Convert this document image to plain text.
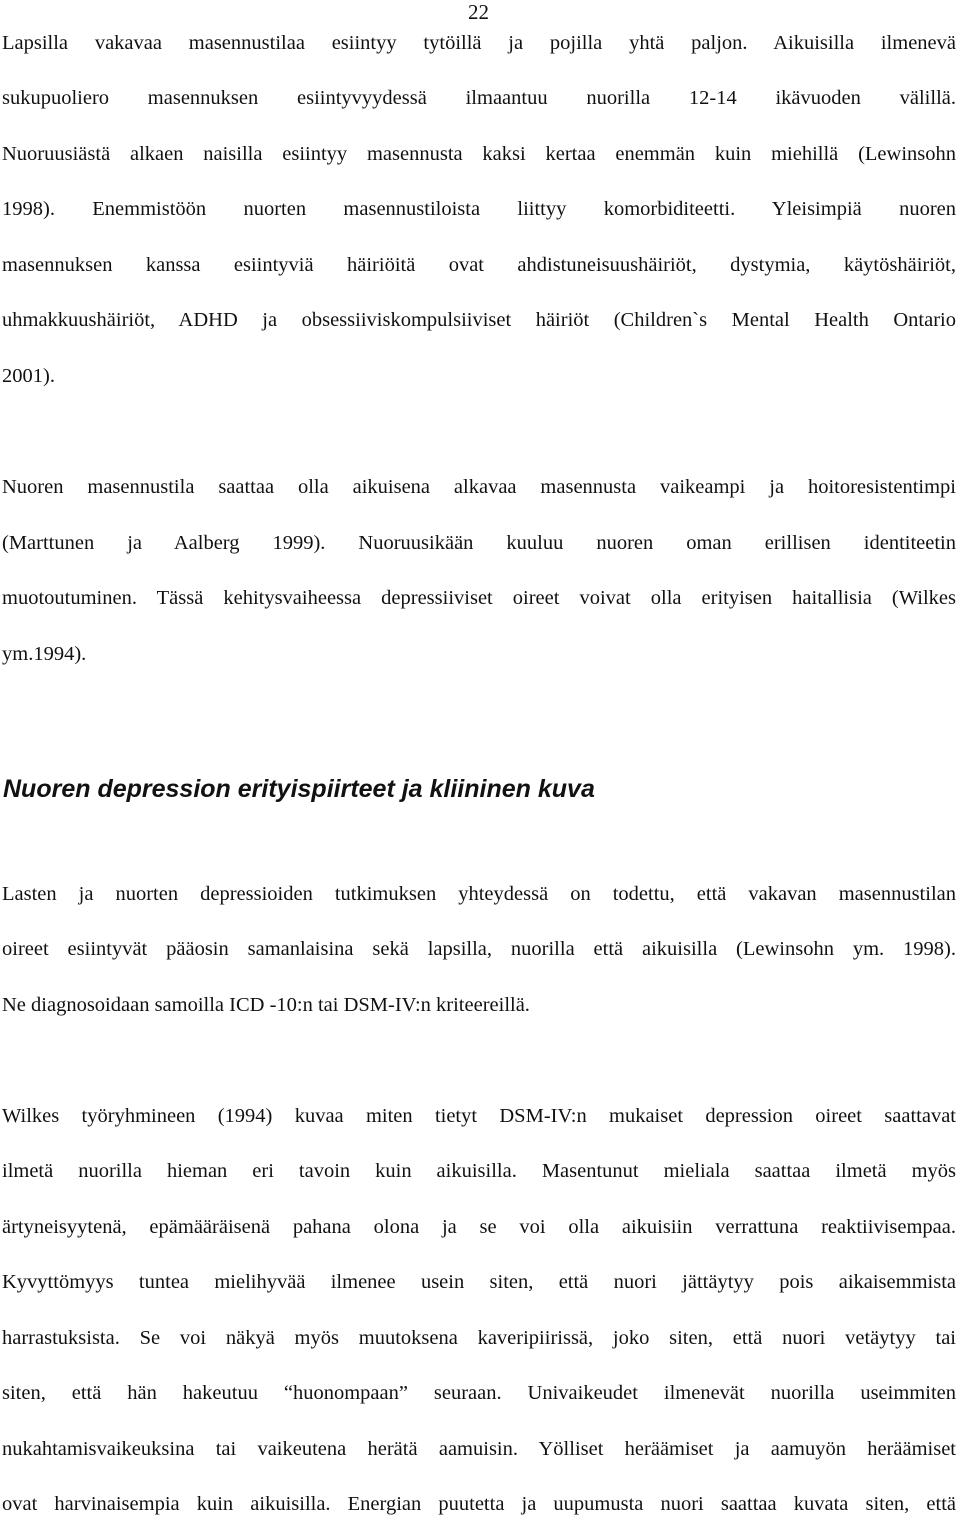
22
Lapsilla vakavaa masennustilaa esiintyy tytöillä ja pojilla yhtä paljon. Aikuisilla ilmenevä
sukupuoliero masennuksen esiintyvyydessä ilmaantuu nuorilla 12-14 ikävuoden välillä.
Nuoruusiästä alkaen naisilla esiintyy masennusta kaksi kertaa enemmän kuin miehillä (Lewinsohn
1998). Enemmistöön nuorten masennustiloista liittyy komorbiditeetti. Yleisimpiä nuoren
masennuksen kanssa esiintyviä häiriöitä ovat ahdistuneisuushäiriöt, dystymia, käytöshäiriöt,
uhmakkuushäiriöt, ADHD ja obsessiiviskompulsiiviset häiriöt (Children`s Mental Health Ontario
2001).
Nuoren masennustila saattaa olla aikuisena alkavaa masennusta vaikeampi ja hoitoresistentimpi
(Marttunen ja Aalberg 1999). Nuoruusikään kuuluu nuoren oman erillisen identiteetin
muotoutuminen. Tässä kehitysvaiheessa depressiiviset oireet voivat olla erityisen haitallisia (Wilkes
ym.1994).
Nuoren depression erityispiirteet ja kliininen kuva
Lasten ja nuorten depressioiden tutkimuksen yhteydessä on todettu, että vakavan masennustilan
oireet esiintyvät pääosin samanlaisina sekä lapsilla, nuorilla että aikuisilla (Lewinsohn ym. 1998).
Ne diagnosoidaan samoilla ICD -10:n tai DSM-IV:n kriteereillä.
Wilkes työryhmineen (1994) kuvaa miten tietyt DSM-IV:n mukaiset depression oireet saattavat
ilmetä nuorilla hieman eri tavoin kuin aikuisilla. Masentunut mieliala saattaa ilmetä myös
ärtyneisyytenä, epämääräisenä pahana olona ja se voi olla aikuisiin verrattuna reaktiivisempaa.
Kyvyttömyys tuntea mielihyvää ilmenee usein siten, että nuori jättäytyy pois aikaisemmista
harrastuksista. Se voi näkyä myös muutoksena kaveripiirissä, joko siten, että nuori vetäytyy tai
siten, että hän hakeutuu “huonompaan” seuraan. Univaikeudet ilmenevät nuorilla useimmiten
nukahtamisvaikeuksina tai vaikeutena herätä aamuisin. Yölliset heräämiset ja aamuyön heräämiset
ovat harvinaisempia kuin aikuisilla. Energian puutetta ja uupumusta nuori saattaa kuvata siten, että
